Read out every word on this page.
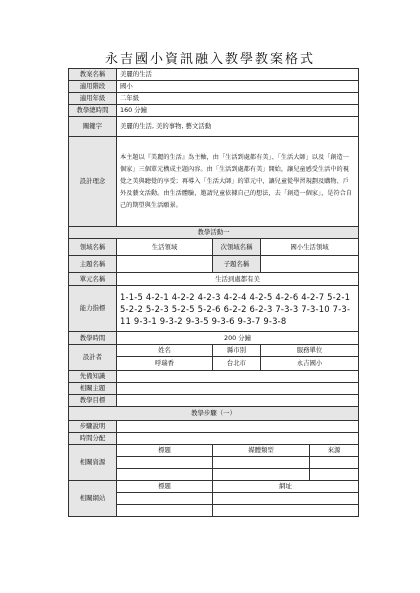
永吉國小資訊融入教學教案格式
教案名稱	美麗的生活			
適用階段	國小			
適用年級	二年級			
教學總時間	160 分鐘			
關鍵字	美麗的生活, 美的事物, 藝文活動			
設計理念	本主題以『美麗的生活』為主軸，由「生活到處都有美」、「生活大師」以及「創造一個家」三個單元構成主題內容。由「生活到處都有美」開始，讓兒童感受生活中的視覺之美與聽覺的享受；再導入「生活大師」的單元中，讓兒童從學習規劃及購物、戶外及藝文活動。由生活體驗，邀請兒童依據自己的想法，去「創造一個家」，是符合自己的期望與生活願景。			
教學活動一				
領域名稱	生活領域	次領域名稱	國小生活領域	
主題名稱		子題名稱		
單元名稱	生活到處都有美			
能力指標	1-1-5 4-2-1 4-2-2 4-2-3 4-2-4 4-2-5 4-2-6 4-2-7 5-2-1 5-2-2 5-2-3 5-2-5 5-2-6 6-2-2 6-2-3 7-3-3 7-3-10 7-3-11 9-3-1 9-3-2 9-3-5 9-3-6 9-3-7 9-3-8			
教學時間	200 分鐘			
設計者	姓名	縣市別	服務單位	
	呼瑞香	台北市	永吉國小	
先備知識				
相關主題				
教學目標				
教學步驟（一）				
步驟說明				
時間分配				
相關資源	標題	媒體類型		來源

相關網站	標題	網址		
